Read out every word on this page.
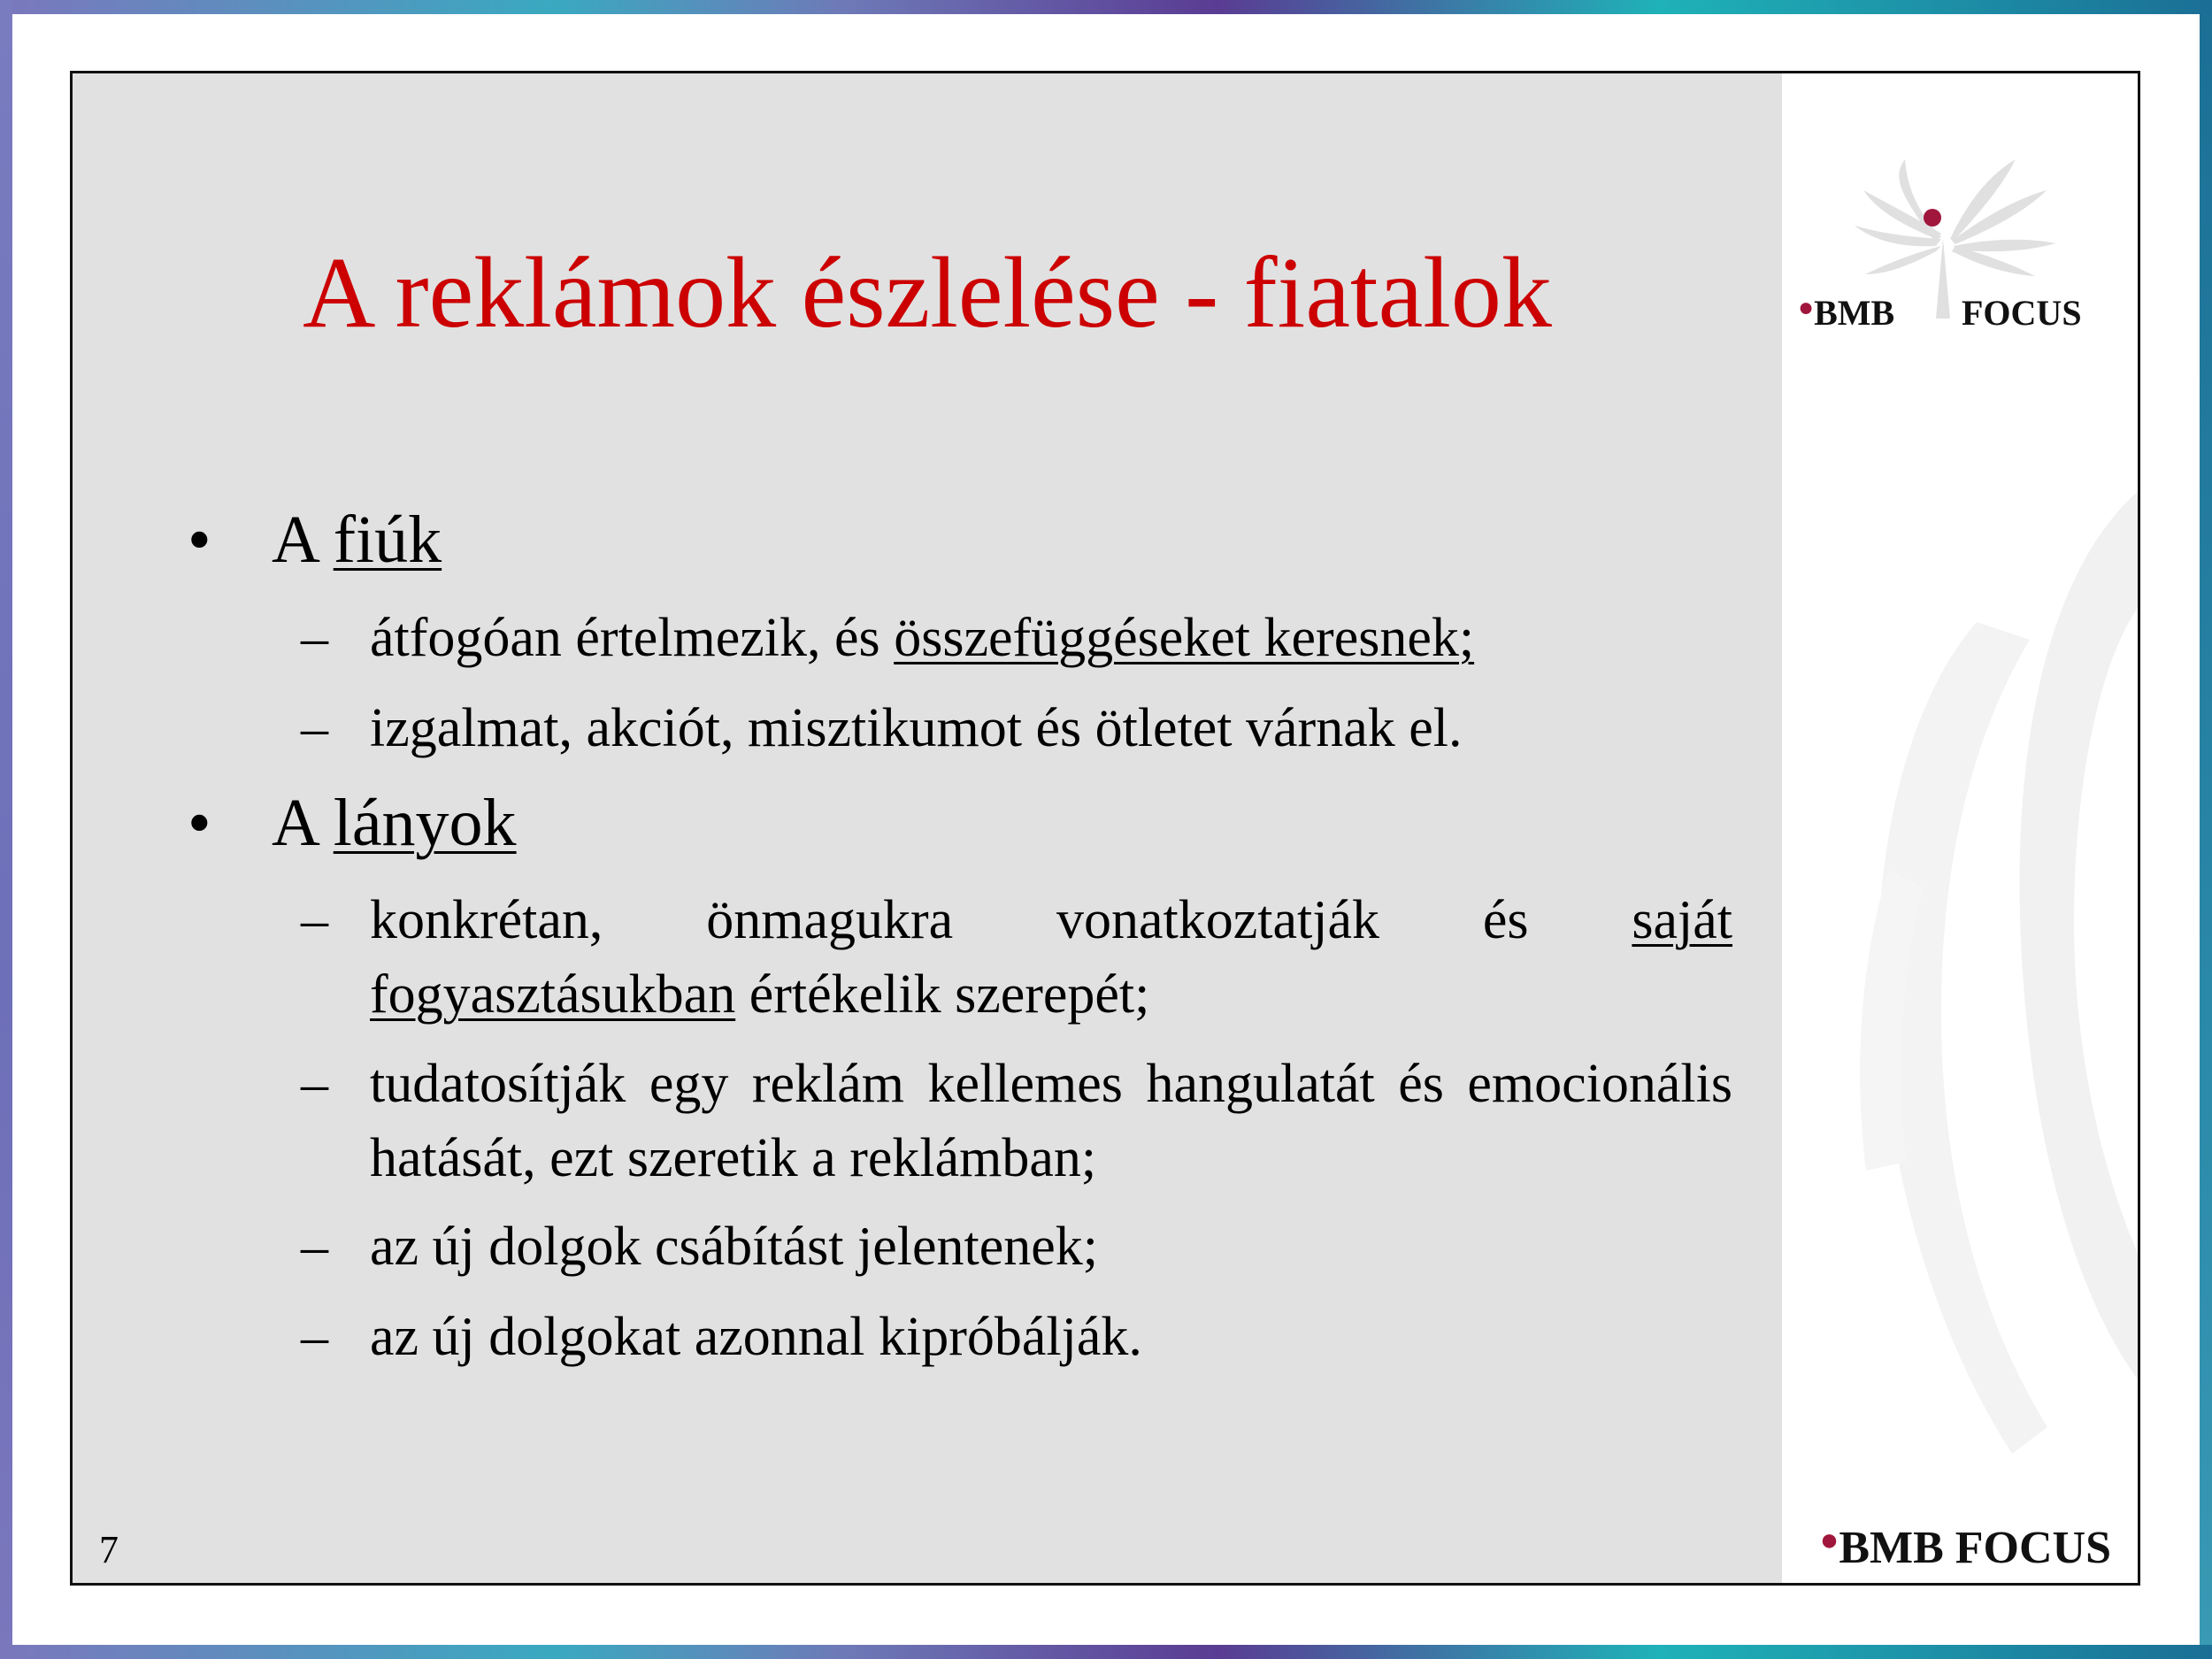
A reklámok észlelése - fiatalok
• A fiúk
– átfogóan értelmezik, és összefüggéseket keresnek;
– izgalmat, akciót, misztikumot és ötletet várnak el.
• A lányok
– konkrétan, önmagukra vonatkoztatják és saját fogyasztásukban értékelik szerepét;
– tudatosítják egy reklám kellemes hangulatát és emocionális hatását, ezt szeretik a reklámban;
– az új dolgok csábítást jelentenek;
– az új dolgokat azonnal kipróbálják.
7	●BMB FOCUS
●BMB FOCUS
